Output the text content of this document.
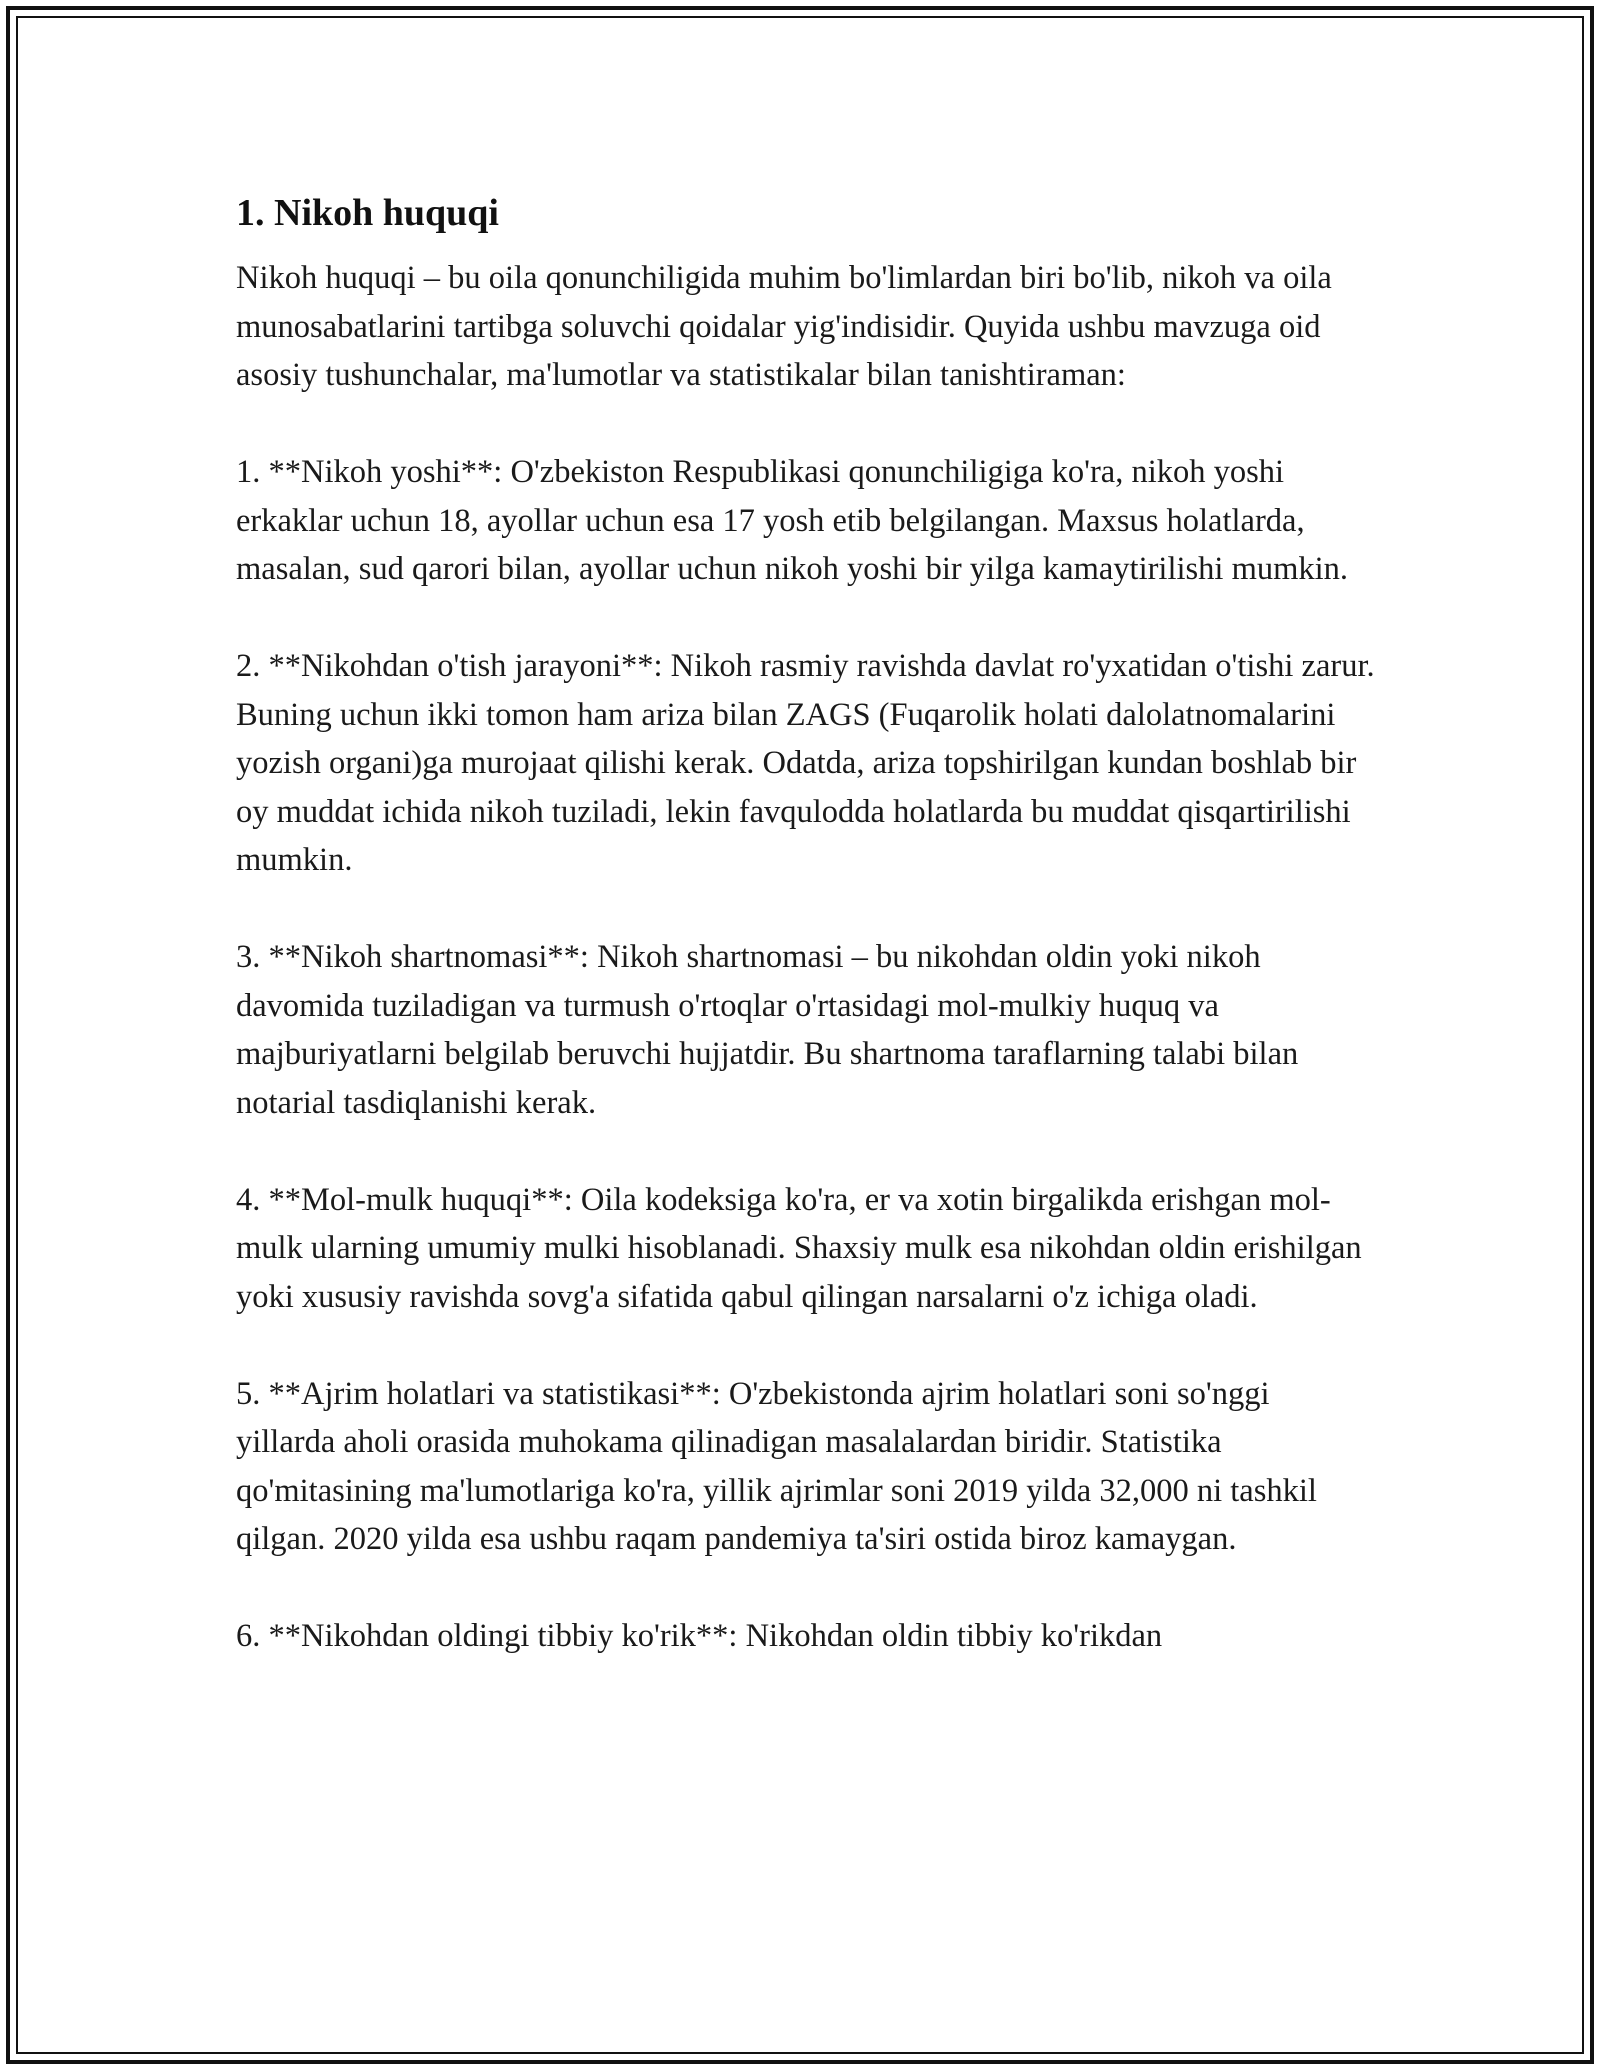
1. Nikoh huquqi

Nikoh huquqi – bu oila qonunchiligida muhim bo'limlardan biri bo'lib, nikoh va oila munosabatlarini tartibga soluvchi qoidalar yig'indisidir. Quyida ushbu mavzuga oid asosiy tushunchalar, ma'lumotlar va statistikalar bilan tanishtiraman:

1. **Nikoh yoshi**: O'zbekiston Respublikasi qonunchiligiga ko'ra, nikoh yoshi erkaklar uchun 18, ayollar uchun esa 17 yosh etib belgilangan. Maxsus holatlarda, masalan, sud qarori bilan, ayollar uchun nikoh yoshi bir yilga kamaytirilishi mumkin.

2. **Nikohdan o'tish jarayoni**: Nikoh rasmiy ravishda davlat ro'yxatidan o'tishi zarur. Buning uchun ikki tomon ham ariza bilan ZAGS (Fuqarolik holati dalolatnomalarini yozish organi)ga murojaat qilishi kerak. Odatda, ariza topshirilgan kundan boshlab bir oy muddat ichida nikoh tuziladi, lekin favqulodda holatlarda bu muddat qisqartirilishi mumkin.

3. **Nikoh shartnomasi**: Nikoh shartnomasi – bu nikohdan oldin yoki nikoh davomida tuziladigan va turmush o'rtoqlar o'rtasidagi mol-mulkiy huquq va majburiyatlarni belgilab beruvchi hujjatdir. Bu shartnoma taraflarning talabi bilan notarial tasdiqlanishi kerak.

4. **Mol-mulk huquqi**: Oila kodeksiga ko'ra, er va xotin birgalikda erishgan mol-mulk ularning umumiy mulki hisoblanadi. Shaxsiy mulk esa nikohdan oldin erishilgan yoki xususiy ravishda sovg'a sifatida qabul qilingan narsalarni o'z ichiga oladi.

5. **Ajrim holatlari va statistikasi**: O'zbekistonda ajrim holatlari soni so'nggi yillarda aholi orasida muhokama qilinadigan masalalardan biridir. Statistika qo'mitasining ma'lumotlariga ko'ra, yillik ajrimlar soni 2019 yilda 32,000 ni tashkil qilgan. 2020 yilda esa ushbu raqam pandemiya ta'siri ostida biroz kamaygan.

6. **Nikohdan oldingi tibbiy ko'rik**: Nikohdan oldin tibbiy ko'rikdan
